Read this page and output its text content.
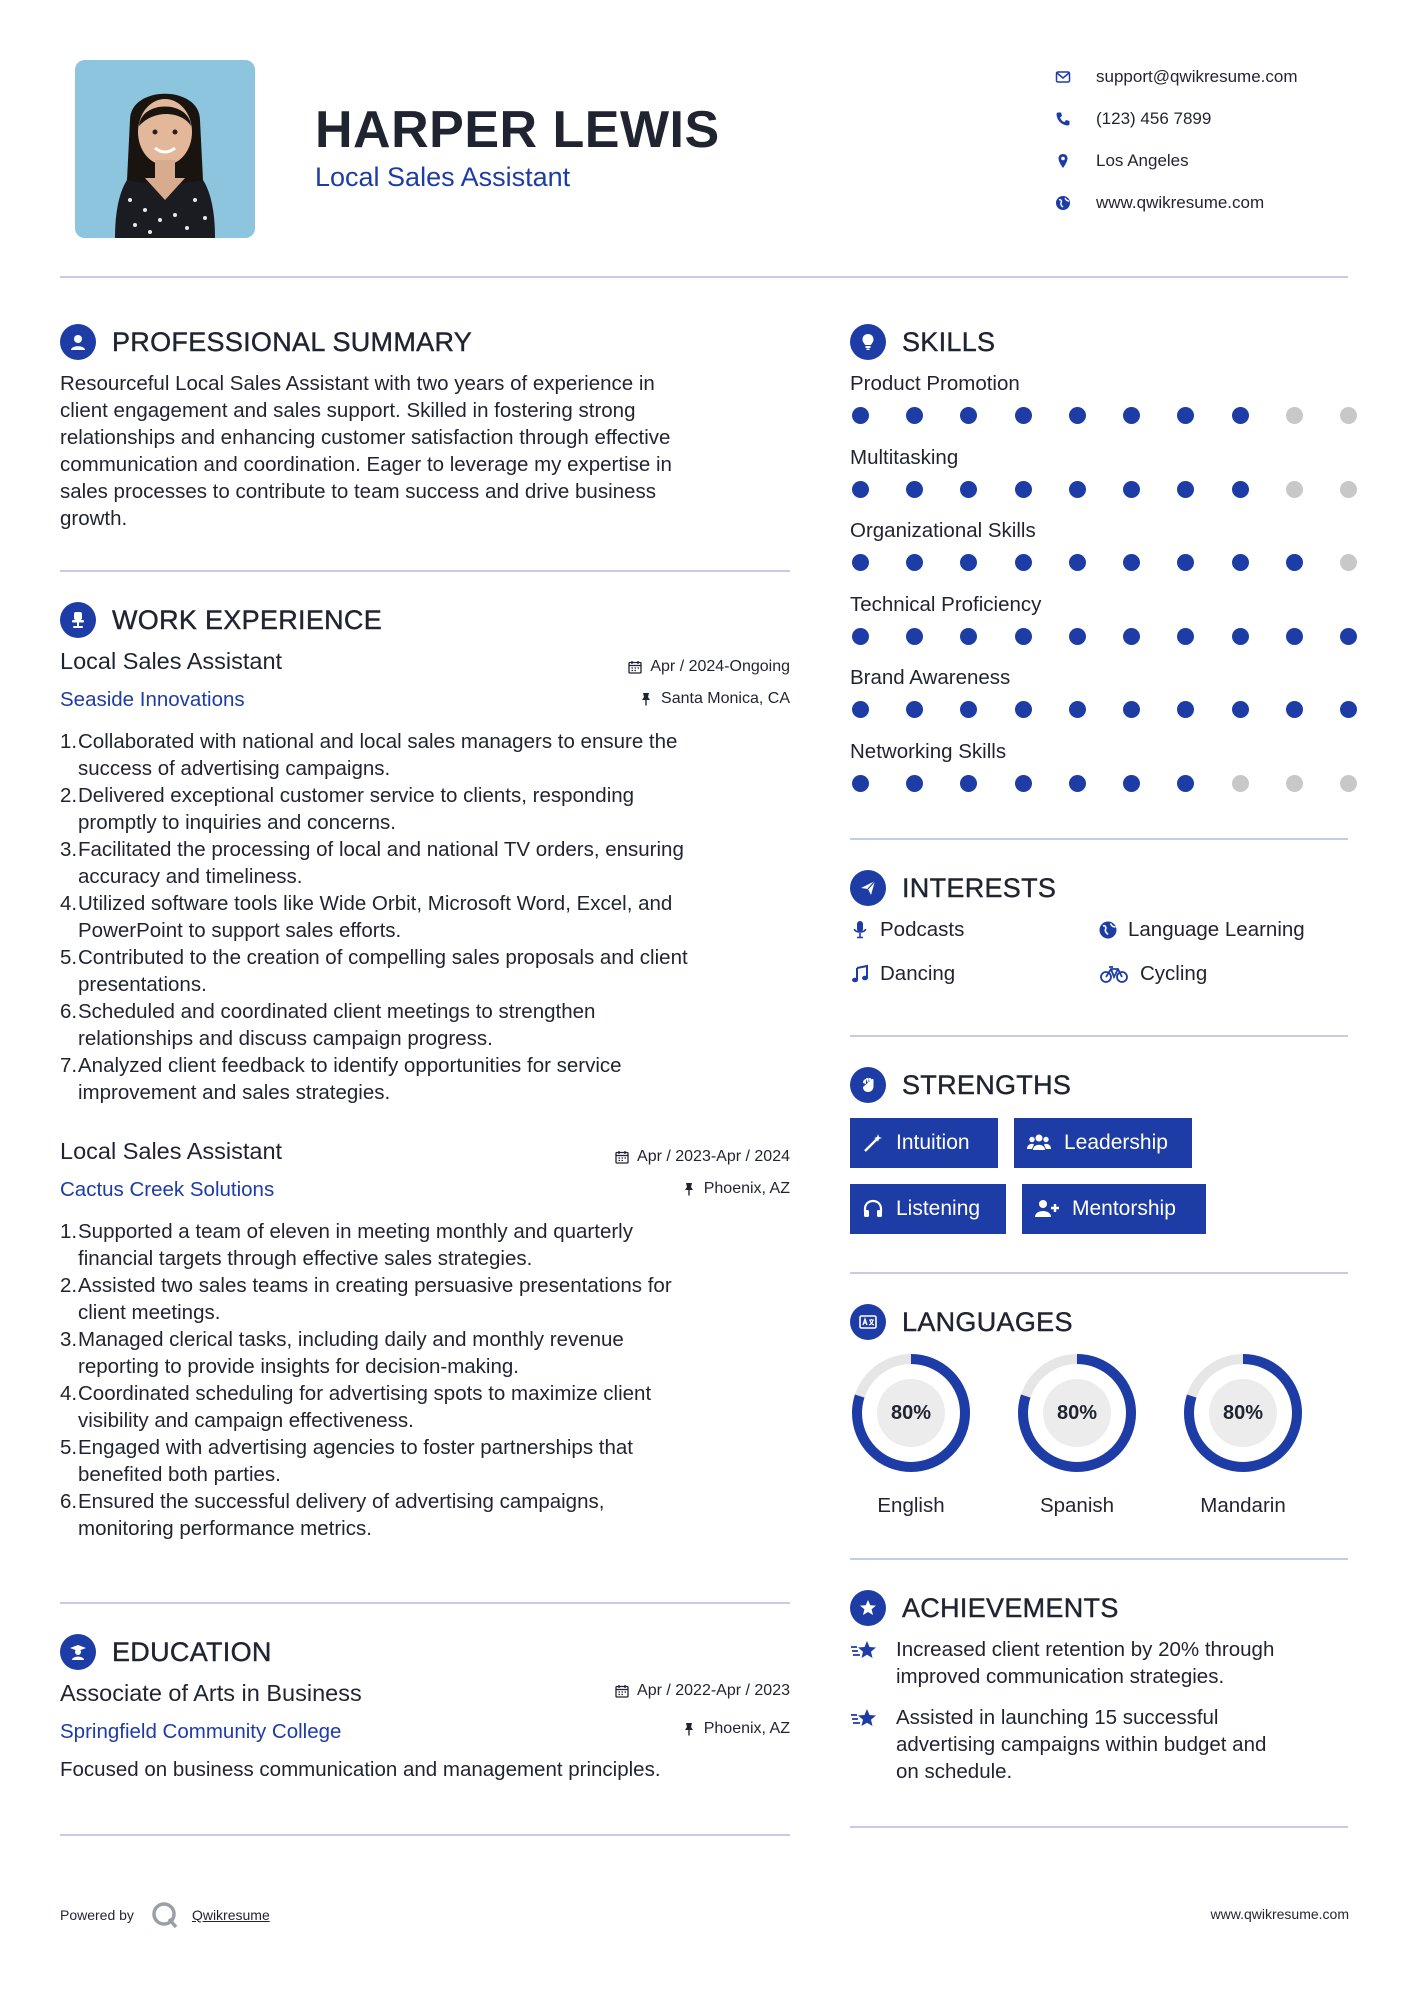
HARPER LEWIS
Local Sales Assistant
support@qwikresume.com
(123) 456 7899
Los Angeles
www.qwikresume.com
PROFESSIONAL SUMMARY
Resourceful Local Sales Assistant with two years of experience in
client engagement and sales support. Skilled in fostering strong
relationships and enhancing customer satisfaction through effective
communication and coordination. Eager to leverage my expertise in
sales processes to contribute to team success and drive business
growth.
WORK EXPERIENCE
Local Sales Assistant	Apr / 2024-Ongoing
Seaside Innovations	Santa Monica, CA
Collaborated with national and local sales managers to ensure the
success of advertising campaigns.
Delivered exceptional customer service to clients, responding
promptly to inquiries and concerns.
Facilitated the processing of local and national TV orders, ensuring
accuracy and timeliness.
Utilized software tools like Wide Orbit, Microsoft Word, Excel, and
PowerPoint to support sales efforts.
Contributed to the creation of compelling sales proposals and client
presentations.
Scheduled and coordinated client meetings to strengthen
relationships and discuss campaign progress.
Analyzed client feedback to identify opportunities for service
improvement and sales strategies.
Local Sales Assistant	Apr / 2023-Apr / 2024
Cactus Creek Solutions	Phoenix, AZ
Supported a team of eleven in meeting monthly and quarterly
financial targets through effective sales strategies.
Assisted two sales teams in creating persuasive presentations for
client meetings.
Managed clerical tasks, including daily and monthly revenue
reporting to provide insights for decision-making.
Coordinated scheduling for advertising spots to maximize client
visibility and campaign effectiveness.
Engaged with advertising agencies to foster partnerships that
benefited both parties.
Ensured the successful delivery of advertising campaigns,
monitoring performance metrics.
EDUCATION
Associate of Arts in Business	Apr / 2022-Apr / 2023
Springfield Community College	Phoenix, AZ
Focused on business communication and management principles.
SKILLS
Product Promotion
Multitasking
Organizational Skills
Technical Proficiency
Brand Awareness
Networking Skills
INTERESTS
Podcasts	Language Learning
Dancing	Cycling
STRENGTHS
Intuition	Leadership
Listening	Mentorship
LANGUAGES
80%
English
80%
Spanish
80%
Mandarin
ACHIEVEMENTS
Increased client retention by 20% through
improved communication strategies.
Assisted in launching 15 successful
advertising campaigns within budget and
on schedule.
Powered by	Qwikresume	www.qwikresume.com
